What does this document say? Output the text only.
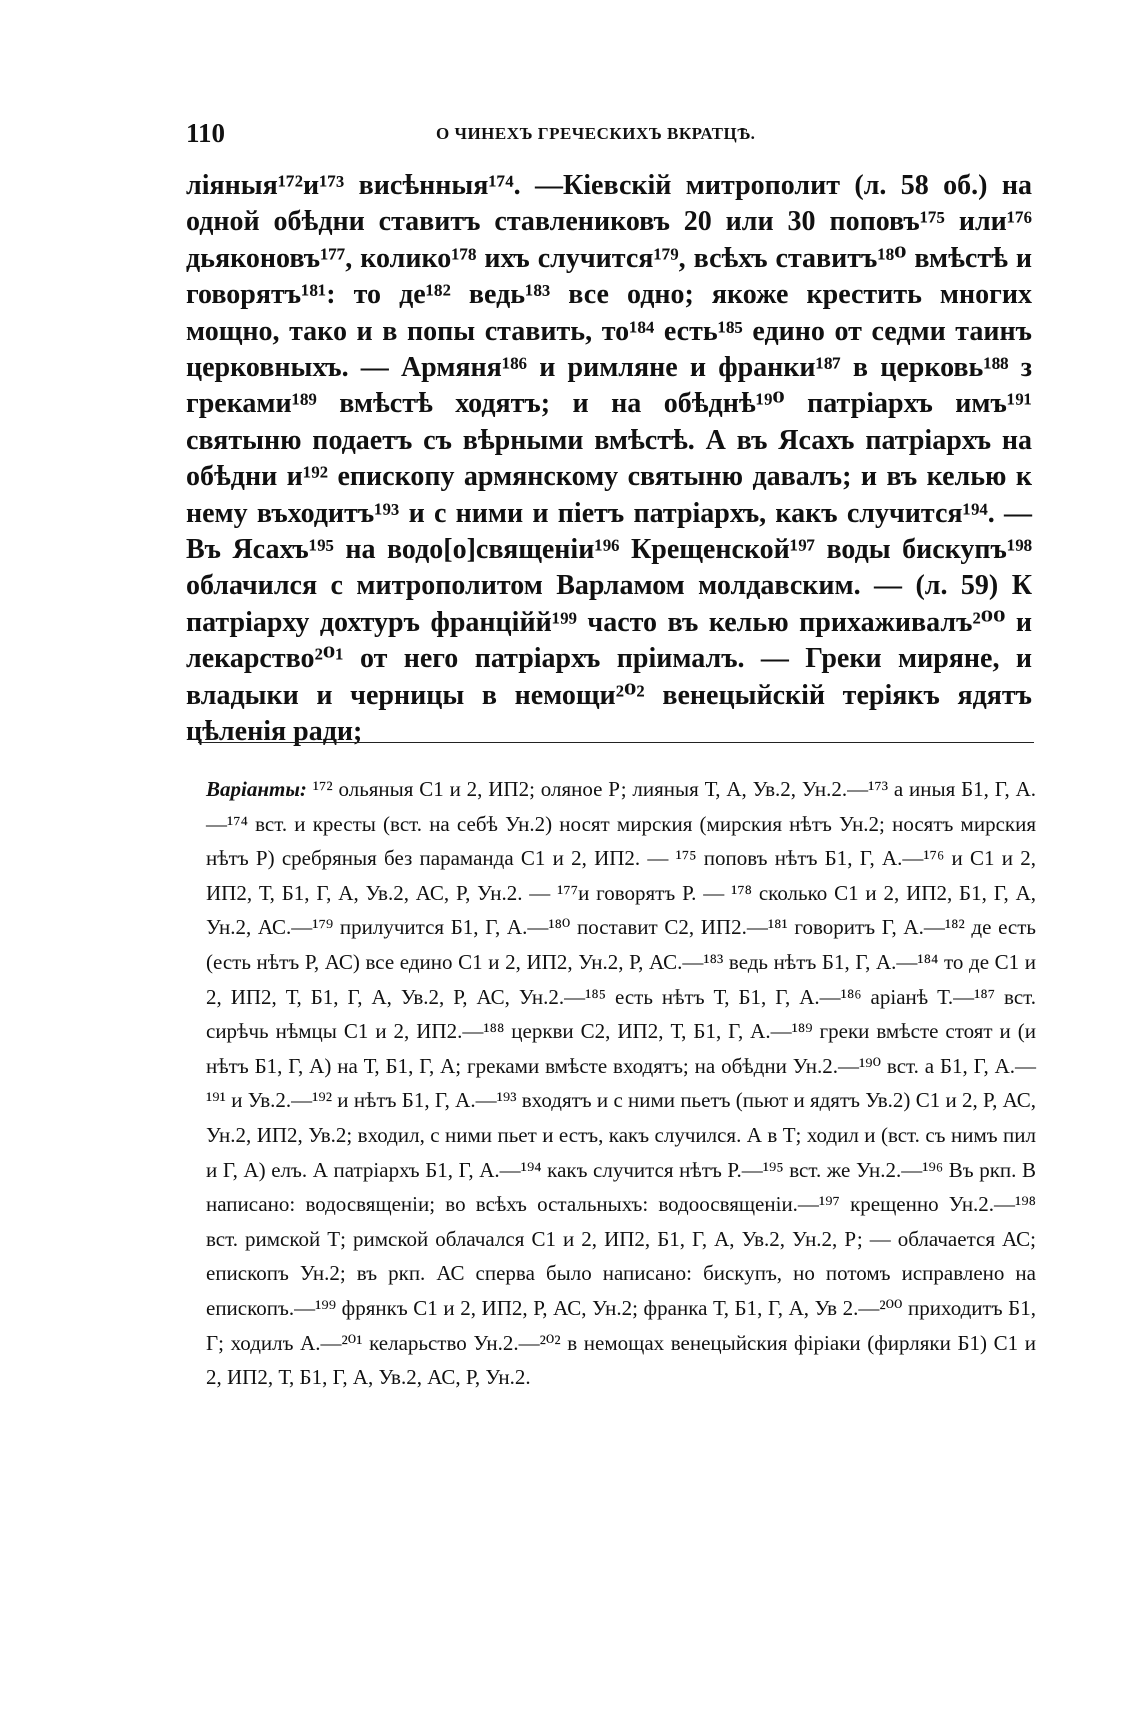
110	О ЧИНЕХЪ ГРЕЧЕСКИХЪ ВКРАТЦѢ.

лiяныя¹⁷²и¹⁷³ висѣнныя¹⁷⁴. —Кiевскiй митрополит (л. 58 об.) на одной обѣдни ставитъ ставлениковъ 20 или 30 поповъ¹⁷⁵ или¹⁷⁶ дьяконовъ¹⁷⁷, колико¹⁷⁸ ихъ случится¹⁷⁹, всѣхъ ставитъ¹⁸⁰ вмѣстѣ и говорятъ¹⁸¹: то де¹⁸² ведь¹⁸³ все одно; якоже крестить многих мощно, тако и в попы ставить, то¹⁸⁴ есть¹⁸⁵ едино от седми таинъ церковныхъ. — Армяня¹⁸⁶ и римляне и франки¹⁸⁷ в церковь¹⁸⁸ з греками¹⁸⁹ вмѣстѣ ходятъ; и на обѣднѣ¹⁹⁰ патрiархъ имъ¹⁹¹ святыню подаетъ съ вѣрными вмѣстѣ. А въ Ясахъ патрiархъ на обѣдни и¹⁹² епископу армянскому святыню давалъ; и въ келью к нему въходитъ¹⁹³ и с ними и пiетъ патрiархъ, какъ случится¹⁹⁴. — Въ Ясахъ¹⁹⁵ на водо[о]священiи¹⁹⁶ Крещенской¹⁹⁷ воды бискупъ¹⁹⁸ облачился с митрополитом Варламом молдавским. — (л. 59) К патрiарху дохтуръ францiйй¹⁹⁹ часто въ келью прихаживалъ²⁰⁰ и лекарство²⁰¹ от него патрiархъ прiималъ. — Греки миряне, и владыки и черницы в немощи²⁰² венецыйскiй терiякъ ядятъ цѣленiя ради;

Варiанты: ¹⁷² ольяныя С1 и 2, ИП2; оляное Р; лияныя Т, А, Ув.2, Ун.2.—¹⁷³ а иныя Б1, Г, А.—¹⁷⁴ вст. и кресты (вст. на себѣ Ун.2) носят мирския (мирския нѣтъ Ун.2; носятъ мирския нѣтъ Р) сребряныя без парамандa С1 и 2, ИП2. — ¹⁷⁵ поповъ нѣтъ Б1, Г, А.—¹⁷⁶ и С1 и 2, ИП2, Т, Б1, Г, А, Ув.2, АС, Р, Ун.2. — ¹⁷⁷и говорятъ Р. — ¹⁷⁸ сколько С1 и 2, ИП2, Б1, Г, А, Ун.2, АС.—¹⁷⁹ прилучится Б1, Г, А.—¹⁸⁰ поставит С2, ИП2.—¹⁸¹ говоритъ Г, А.—¹⁸² де есть (есть нѣтъ Р, АС) все едино С1 и 2, ИП2, Ун.2, Р, АС.—¹⁸³ ведь нѣтъ Б1, Г, А.—¹⁸⁴ то де С1 и 2, ИП2, Т, Б1, Г, А, Ув.2, Р, АС, Ун.2.—¹⁸⁵ есть нѣтъ Т, Б1, Г, А.—¹⁸⁶ арiанѣ Т.—¹⁸⁷ вст. сирѣчь нѣмцы С1 и 2, ИП2.—¹⁸⁸ церкви С2, ИП2, Т, Б1, Г, А.—¹⁸⁹ греки вмѣсте стоят и (и нѣтъ Б1, Г, А) на Т, Б1, Г, А; греками вмѣсте входятъ; на обѣдни Ун.2.—¹⁹⁰ вст. а Б1, Г, А.—¹⁹¹ и Ув.2.—¹⁹² и нѣтъ Б1, Г, А.—¹⁹³ входятъ и с ними пьетъ (пьют и ядятъ Ув.2) С1 и 2, Р, АС, Ун.2, ИП2, Ув.2; входил, с ними пьет и естъ, какъ случился. А в Т; ходил и (вст. съ нимъ пил и Г, А) елъ. А патрiархъ Б1, Г, А.—¹⁹⁴ какъ случится нѣтъ Р.—¹⁹⁵ вст. же Ун.2.—¹⁹⁶ Въ ркп. В написано: водосвященiи; во всѣхъ остальныхъ: водоосвященiи.—¹⁹⁷ крещенно Ун.2.—¹⁹⁸ вст. римской Т; римской облачался С1 и 2, ИП2, Б1, Г, А, Ув.2, Ун.2, Р; — облачается АС; епископъ Ун.2; въ ркп. АС сперва было написано: бискупъ, но потомъ исправлено на епископъ.—¹⁹⁹ фрянкъ С1 и 2, ИП2, Р, АС, Ун.2; франка Т, Б1, Г, А, Ув 2.—²⁰⁰ приходитъ Б1, Г; ходилъ А.—²⁰¹ келарьство Ун.2.—²⁰² в немощах венецыйския фiрiаки (фирляки Б1) С1 и 2, ИП2, Т, Б1, Г, А, Ув.2, АС, Р, Ун.2.
